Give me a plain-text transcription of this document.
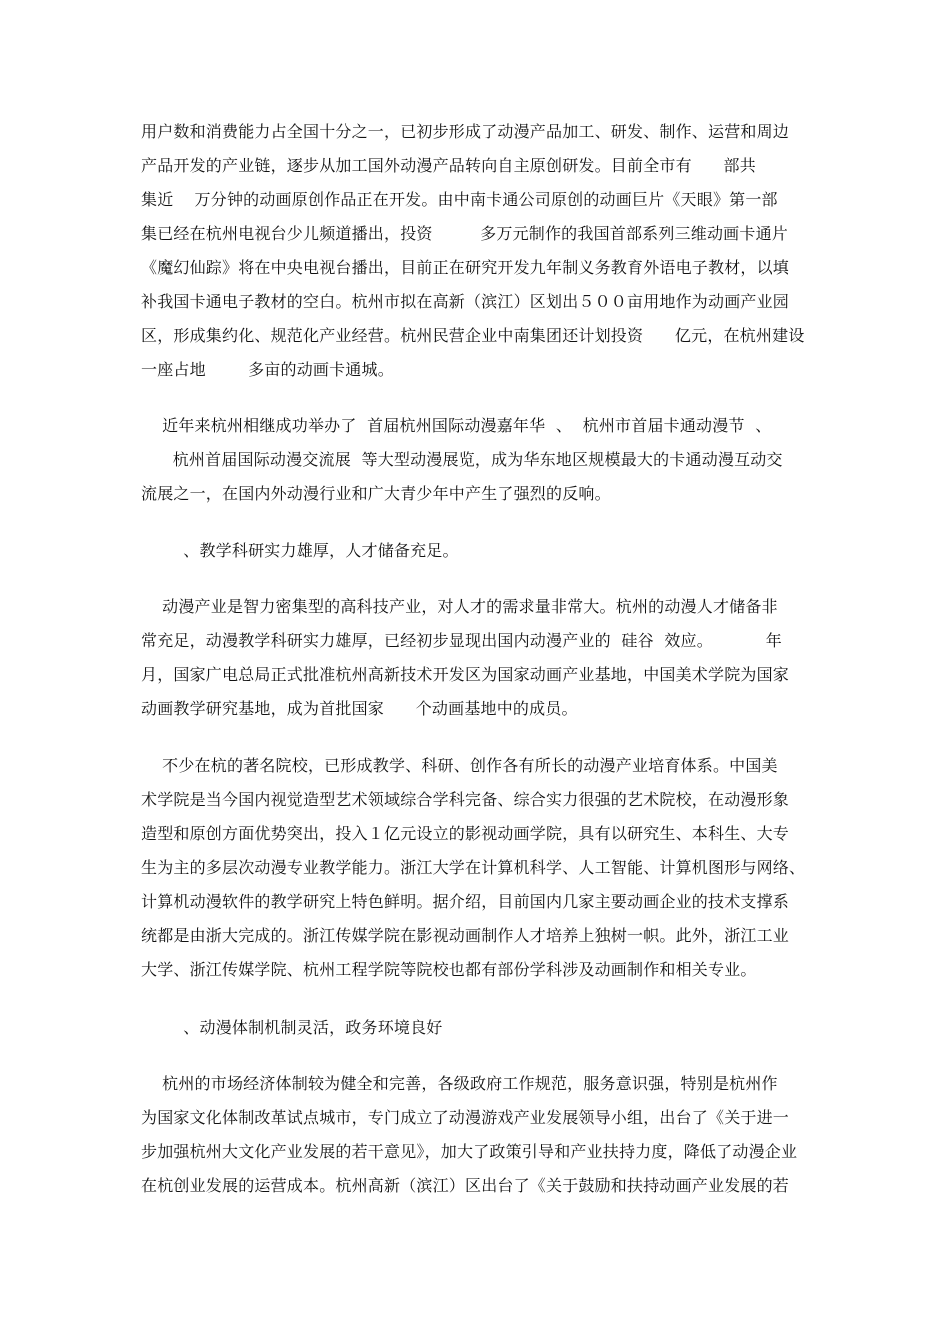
用户数和消费能力占全国十分之一，已初步形成了动漫产品加工、研发、制作、运营和周边
产品开发的产业链，逐步从加工国外动漫产品转向自主原创研发。目前全市有      部共
集近    万分钟的动画原创作品正在开发。由中南卡通公司原创的动画巨片《天眼》第一部
集已经在杭州电视台少儿频道播出，投资         多万元制作的我国首部系列三维动画卡通片
《魔幻仙踪》将在中央电视台播出，目前正在研究开发九年制义务教育外语电子教材，以填
补我国卡通电子教材的空白。杭州市拟在高新（滨江）区划出５００亩用地作为动画产业园
区，形成集约化、规范化产业经营。杭州民营企业中南集团还计划投资      亿元，在杭州建设
一座占地        多亩的动画卡通城。
近年来杭州相继成功举办了  首届杭州国际动漫嘉年华  、  杭州市首届卡通动漫节  、
杭州首届国际动漫交流展  等大型动漫展览，成为华东地区规模最大的卡通动漫互动交
流展之一，在国内外动漫行业和广大青少年中产生了强烈的反响。
、教学科研实力雄厚，人才储备充足。
动漫产业是智力密集型的高科技产业，对人才的需求量非常大。杭州的动漫人才储备非
常充足，动漫教学科研实力雄厚，已经初步显现出国内动漫产业的  硅谷  效应。          年
月，国家广电总局正式批准杭州高新技术开发区为国家动画产业基地，中国美术学院为国家
动画教学研究基地，成为首批国家      个动画基地中的成员。
不少在杭的著名院校，已形成教学、科研、创作各有所长的动漫产业培育体系。中国美
术学院是当今国内视觉造型艺术领域综合学科完备、综合实力很强的艺术院校，在动漫形象
造型和原创方面优势突出，投入１亿元设立的影视动画学院，具有以研究生、本科生、大专
生为主的多层次动漫专业教学能力。浙江大学在计算机科学、人工智能、计算机图形与网络、
计算机动漫软件的教学研究上特色鲜明。据介绍，目前国内几家主要动画企业的技术支撑系
统都是由浙大完成的。浙江传媒学院在影视动画制作人才培养上独树一帜。此外，浙江工业
大学、浙江传媒学院、杭州工程学院等院校也都有部份学科涉及动画制作和相关专业。
、动漫体制机制灵活，政务环境良好
杭州的市场经济体制较为健全和完善，各级政府工作规范，服务意识强，特别是杭州作
为国家文化体制改革试点城市，专门成立了动漫游戏产业发展领导小组，出台了《关于进一
步加强杭州大文化产业发展的若干意见》，加大了政策引导和产业扶持力度，降低了动漫企业
在杭创业发展的运营成本。杭州高新（滨江）区出台了《关于鼓励和扶持动画产业发展的若
